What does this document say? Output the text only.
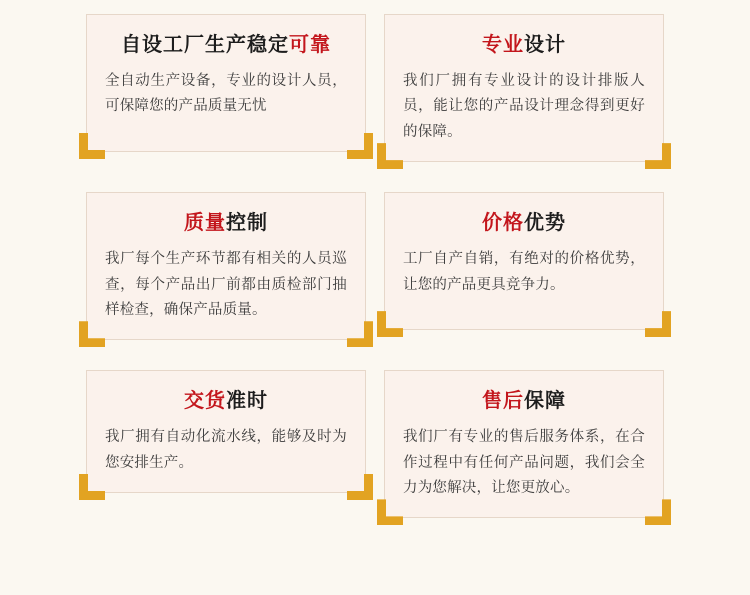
自设工厂生产稳定可靠
全自动生产设备，专业的设计人员，可保障您的产品质量无忧
专业设计
我们厂拥有专业设计的设计排版人员，能让您的产品设计理念得到更好的保障。
质量控制
我厂每个生产环节都有相关的人员巡查，每个产品出厂前都由质检部门抽样检查，确保产品质量。
价格优势
工厂自产自销，有绝对的价格优势，让您的产品更具竞争力。
交货准时
我厂拥有自动化流水线，能够及时为您安排生产。
售后保障
我们厂有专业的售后服务体系，在合作过程中有任何产品问题，我们会全力为您解决，让您更放心。
